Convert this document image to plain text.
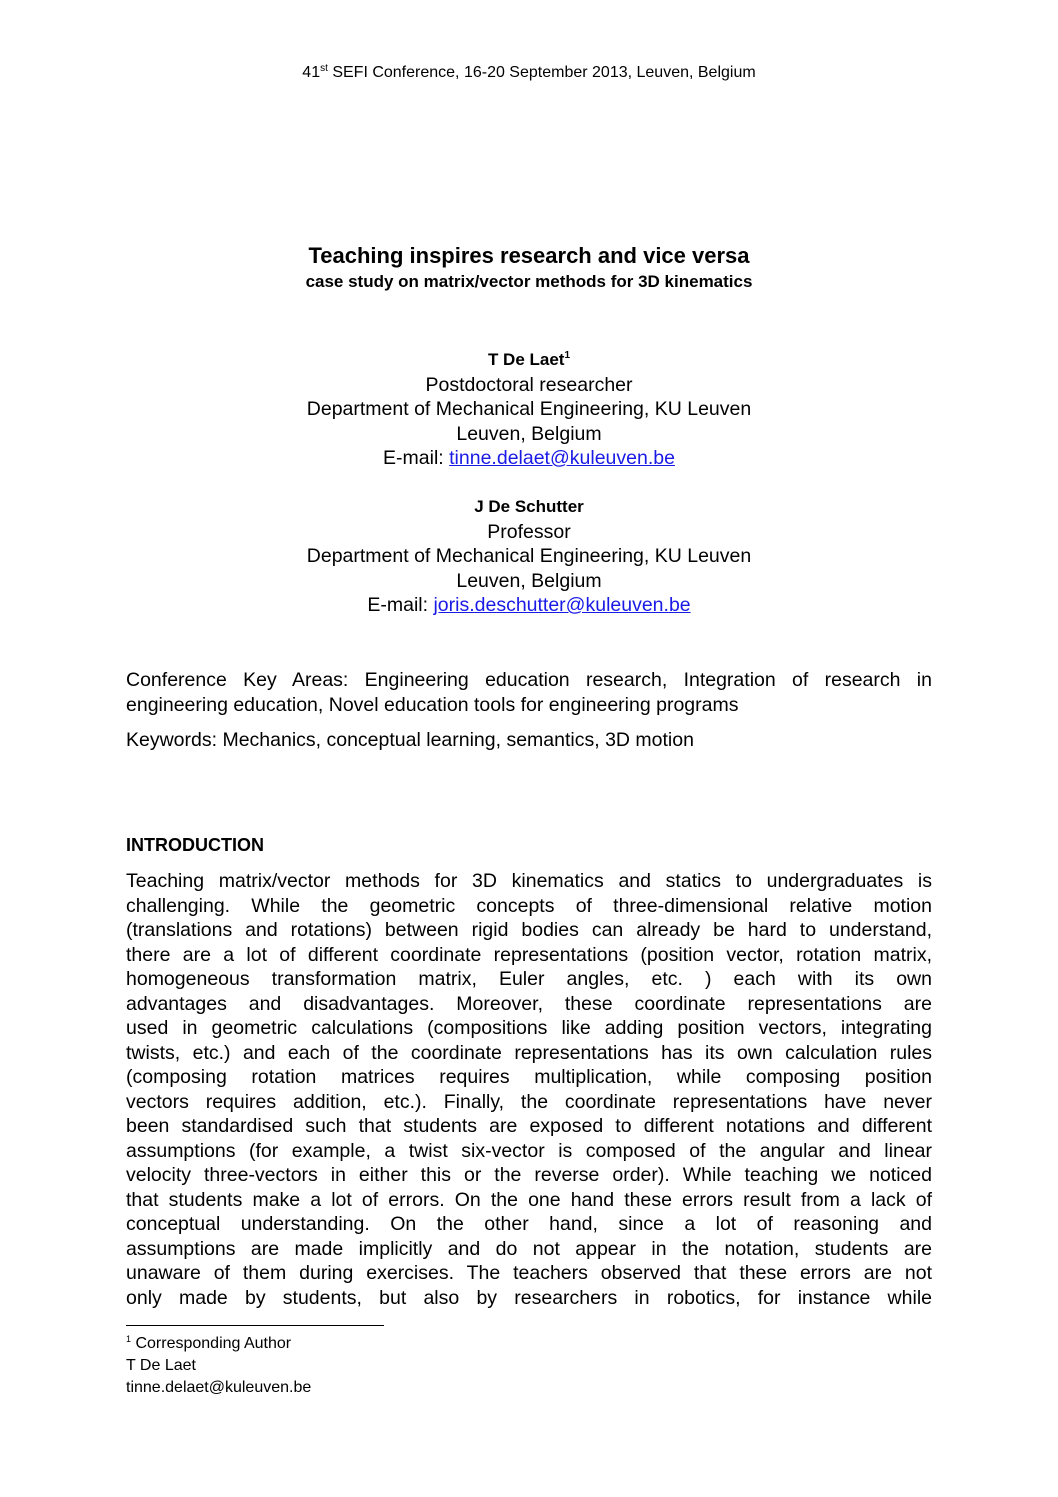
41st SEFI Conference, 16-20 September 2013, Leuven, Belgium
Teaching inspires research and vice versa
case study on matrix/vector methods for 3D kinematics
T De Laet$^1$
Postdoctoral researcher
Department of Mechanical Engineering, KU Leuven
Leuven, Belgium
E-mail: tinne.delaet@kuleuven.be
J De Schutter
Professor
Department of Mechanical Engineering, KU Leuven
Leuven, Belgium
E-mail: joris.deschutter@kuleuven.be
Conference Key Areas: Engineering education research, Integration of research in engineering education, Novel education tools for engineering programs
Keywords: Mechanics, conceptual learning, semantics, 3D motion
INTRODUCTION
Teaching matrix/vector methods for 3D kinematics and statics to undergraduates is
challenging. While the geometric concepts of three-dimensional relative motion
(translations and rotations) between rigid bodies can already be hard to understand,
there are a lot of different coordinate representations (position vector, rotation matrix,
homogeneous transformation matrix, Euler angles, etc. ) each with its own
advantages and disadvantages. Moreover, these coordinate representations are
used in geometric calculations (compositions like adding position vectors, integrating
twists, etc.) and each of the coordinate representations has its own calculation rules
(composing rotation matrices requires multiplication, while composing position
vectors requires addition, etc.). Finally, the coordinate representations have never
been standardised such that students are exposed to different notations and different
assumptions (for example, a twist six-vector is composed of the angular and linear
velocity three-vectors in either this or the reverse order). While teaching we noticed
that students make a lot of errors. On the one hand these errors result from a lack of
conceptual understanding. On the other hand, since a lot of reasoning and
assumptions are made implicitly and do not appear in the notation, students are
unaware of them during exercises. The teachers observed that these errors are not
only made by students, but also by researchers in robotics, for instance while
$^1$ Corresponding Author
T De Laet
tinne.delaet@kuleuven.be
